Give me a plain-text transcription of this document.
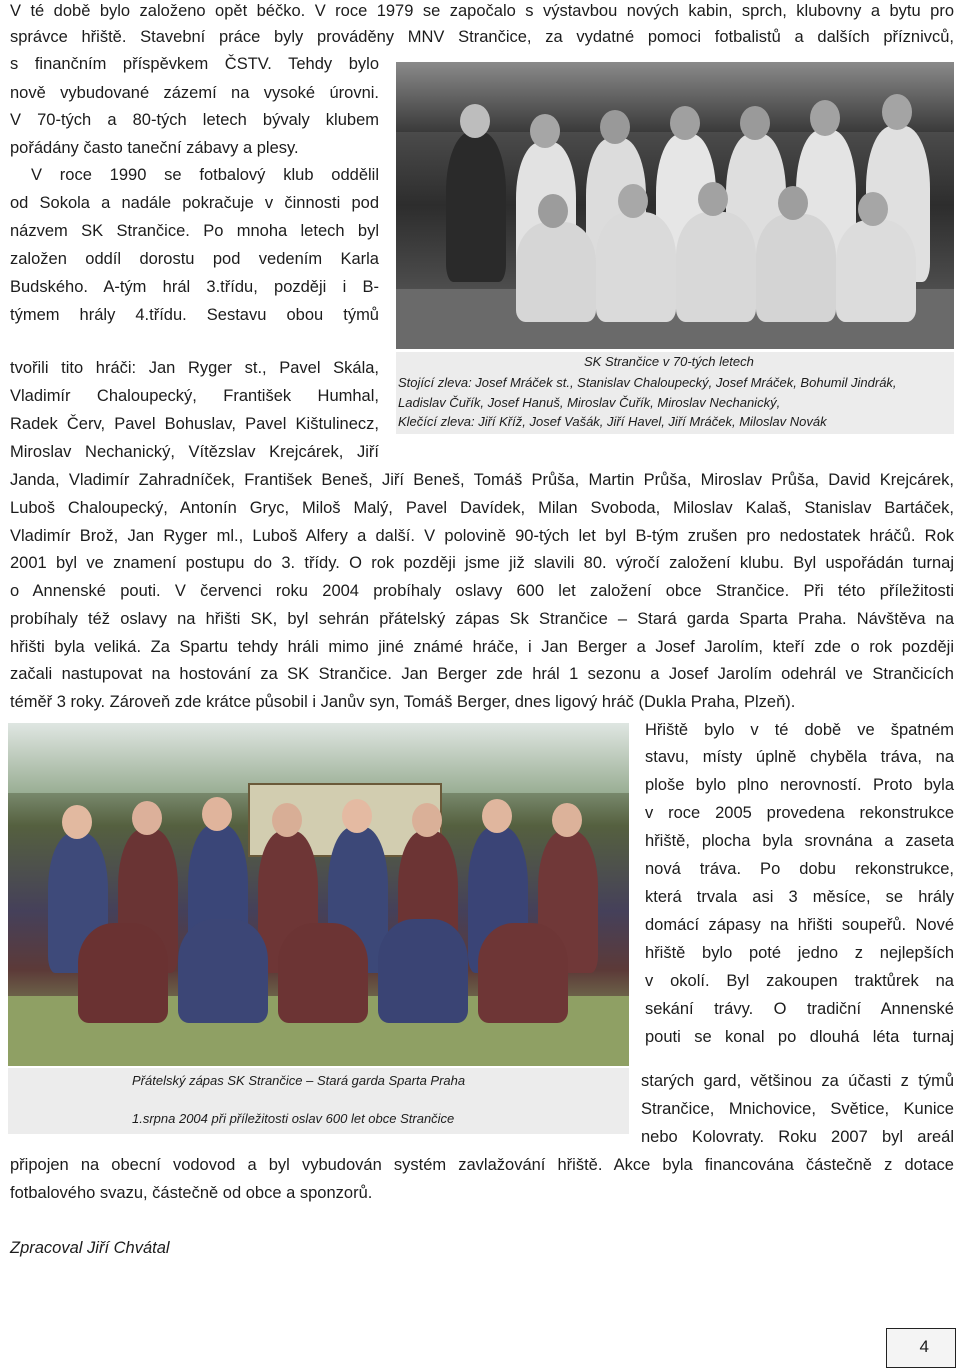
V té době bylo založeno opět béčko. V roce 1979 se započalo s výstavbou nových kabin, sprch, klubovny a bytu pro
správce hřiště. Stavební práce byly prováděny MNV Strančice, za vydatné pomoci fotbalistů a dalších příznivců,
s finančním příspěvkem ČSTV. Tehdy bylo
nově vybudované zázemí na vysoké úrovni.
V 70-tých a 80-tých letech bývaly klubem
pořádány často taneční zábavy a plesy.
V roce 1990 se fotbalový klub oddělil
od Sokola a nadále pokračuje v činnosti pod
názvem SK Strančice. Po mnoha letech byl
založen oddíl dorostu pod vedením Karla
Budského. A-tým hrál 3.třídu, později i B-
týmem hrály 4.třídu. Sestavu obou týmů
tvořili tito hráči: Jan Ryger st., Pavel Skála,
Vladimír Chaloupecký, František Humhal,
Radek Červ, Pavel Bohuslav, Pavel Kištulinecz,
Miroslav Nechanický, Vítězslav Krejcárek, Jiří
Janda, Vladimír Zahradníček, František Beneš, Jiří Beneš, Tomáš Průša, Martin Průša, Miroslav Průša, David Krejcárek,
Luboš Chaloupecký, Antonín Gryc, Miloš Malý, Pavel Davídek, Milan Svoboda, Miloslav Kalaš, Stanislav Bartáček,
Vladimír Brož, Jan Ryger ml., Luboš Alfery a další. V polovině 90-tých let byl B-tým zrušen pro nedostatek hráčů. Rok
2001 byl ve znamení postupu do 3. třídy. O rok později jsme již slavili 80. výročí založení klubu. Byl uspořádán turnaj
o Annenské pouti. V červenci roku 2004 probíhaly oslavy 600 let založení obce Strančice. Při této příležitosti
probíhaly též oslavy na hřišti SK, byl sehrán přátelský zápas Sk Strančice – Stará garda Sparta Praha. Návštěva na
hřišti byla veliká. Za Spartu tehdy hráli mimo jiné známé hráče, i Jan Berger a Josef Jarolím, kteří zde o rok později
začali nastupovat na hostování za SK Strančice. Jan Berger zde hrál 1 sezonu a Josef Jarolím odehrál ve Strančicích
téměř 3 roky. Zároveň zde krátce působil i Janův syn, Tomáš Berger, dnes ligový hráč (Dukla Praha, Plzeň).
SK Strančice v 70-tých letech
Stojící zleva: Josef Mráček st., Stanislav Chaloupecký, Josef Mráček, Bohumil Jindrák,
Ladislav Čuřík, Josef Hanuš, Miroslav Čuřík, Miroslav Nechanický,
Klečící zleva: Jiří Kříž, Josef Vašák, Jiří Havel, Jiří Mráček, Miloslav Novák
Přátelský zápas SK Strančice – Stará garda Sparta Praha
1.srpna 2004 při příležitosti oslav 600 let obce Strančice
Hřiště bylo v té době ve špatném
stavu, místy úplně chyběla tráva, na
ploše bylo plno nerovností. Proto byla
v roce 2005 provedena rekonstrukce
hřiště, plocha byla srovnána a zaseta
nová tráva. Po dobu rekonstrukce,
která trvala asi 3 měsíce, se hrály
domácí zápasy na hřišti soupeřů. Nové
hřiště bylo poté jedno z nejlepších
v okolí. Byl zakoupen traktůrek na
sekání trávy. O tradiční Annenské
pouti se konal po dlouhá léta turnaj
starých gard, většinou za účasti z týmů
Strančice, Mnichovice, Světice, Kunice
nebo Kolovraty. Roku 2007 byl areál
připojen na obecní vodovod a byl vybudován systém zavlažování hřiště. Akce byla financována částečně z dotace
fotbalového svazu, částečně od obce a sponzorů.
Zpracoval Jiří Chvátal
4
